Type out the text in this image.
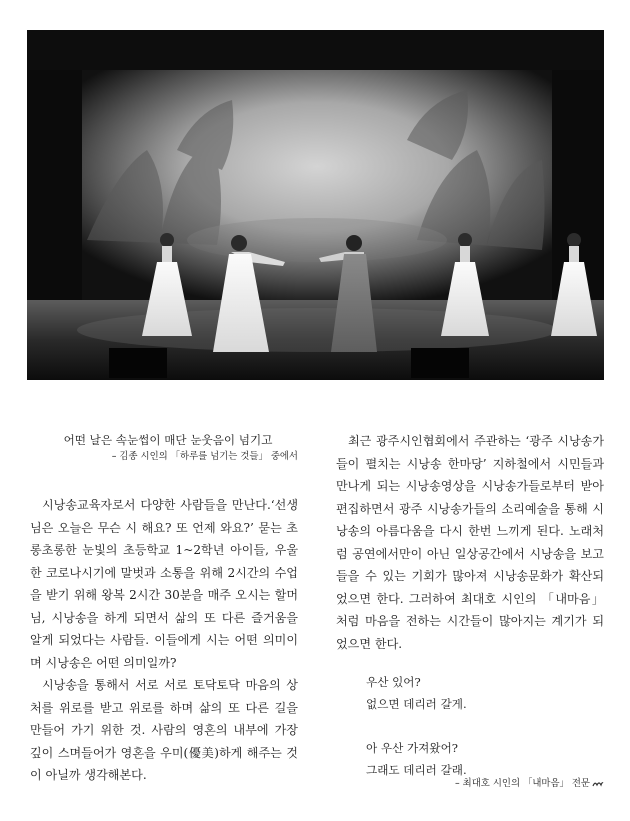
어떤 날은 속눈썹이 매단 눈웃음이 넘기고

– 김종 시인의 「하루를 넘기는 것들」 중에서

시낭송교육자로서 다양한 사람들을 만난다.‘선생님은 오늘은 무슨 시 해요? 또 언제 와요?’ 묻는 초롱초롱한 눈빛의 초등학교 1~2학년 아이들, 우울한 코로나시기에 말벗과 소통을 위해 2시간의 수업을 받기 위해 왕복 2시간 30분을 매주 오시는 할머님, 시낭송을 하게 되면서 삶의 또 다른 즐거움을 알게 되었다는 사람들. 이들에게 시는 어떤 의미이며 시낭송은 어떤 의미일까?

시낭송을 통해서 서로 서로 토닥토닥 마음의 상처를 위로를 받고 위로를 하며 삶의 또 다른 길을 만들어 가기 위한 것. 사람의 영혼의 내부에 가장 깊이 스며들어가 영혼을 우미(優美)하게 해주는 것이 아닐까 생각해본다.

최근 광주시인협회에서 주관하는 ‘광주 시낭송가들이 펼치는 시낭송 한마당’ 지하철에서 시민들과 만나게 되는 시낭송영상을 시낭송가들로부터 받아 편집하면서 광주 시낭송가들의 소리예술을 통해 시낭송의 아름다움을 다시 한번 느끼게 된다. 노래처럼 공연에서만이 아닌 일상공간에서 시낭송을 보고 들을 수 있는 기회가 많아져 시낭송문화가 확산되었으면 한다. 그러하여 최대호 시인의 「내마음」처럼 마음을 전하는 시간들이 많아지는 계기가 되었으면 한다.

우산 있어?

없으면 데리러 갈게.

아 우산 가져왔어?

그래도 데리러 갈래.

– 최대호 시인의 「내마음」 전문
